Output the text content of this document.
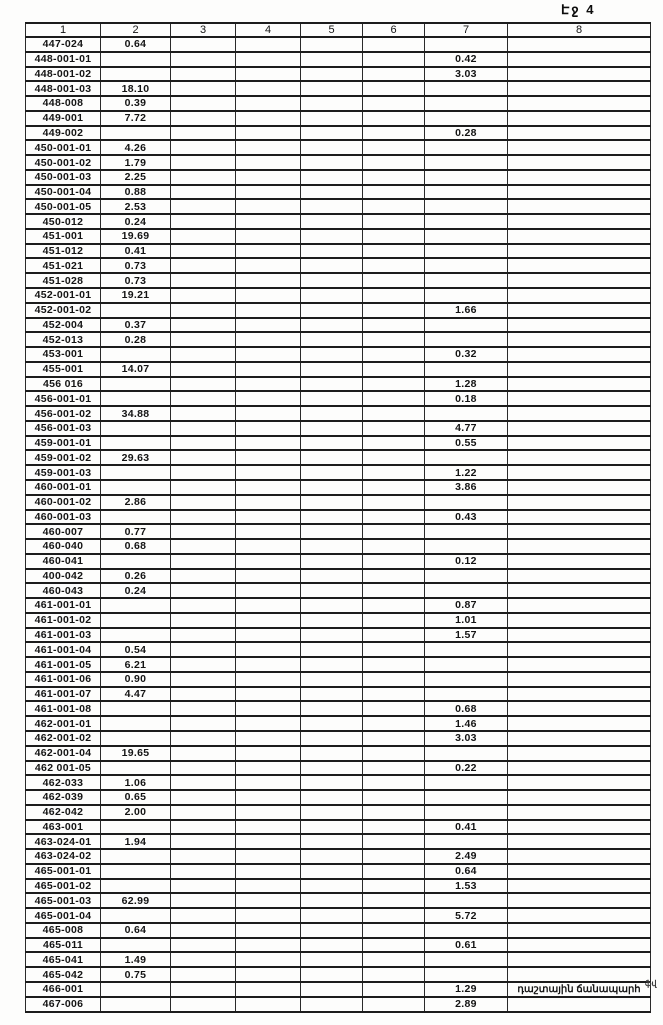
Էջ 4
1	2	3	4	5	6	7	8
447-024	0.64						
448-001-01						0.42	
448-001-02						3.03	
448-001-03	18.10						
448-008	0.39						
449-001	7.72						
449-002						0.28	
450-001-01	4.26						
450-001-02	1.79						
450-001-03	2.25						
450-001-04	0.88						
450-001-05	2.53						
450-012	0.24						
451-001	19.69						
451-012	0.41						
451-021	0.73						
451-028	0.73						
452-001-01	19.21						
452-001-02						1.66	
452-004	0.37						
452-013	0.28						
453-001						0.32	
455-001	14.07						
456 016						1.28	
456-001-01						0.18	
456-001-02	34.88						
456-001-03						4.77	
459-001-01						0.55	
459-001-02	29.63						
459-001-03						1.22	
460-001-01						3.86	
460-001-02	2.86						
460-001-03						0.43	
460-007	0.77						
460-040	0.68						
460-041						0.12	
400-042	0.26						
460-043	0.24						
461-001-01						0.87	
461-001-02						1.01	
461-001-03						1.57	
461-001-04	0.54						
461-001-05	6.21						
461-001-06	0.90						
461-001-07	4.47						
461-001-08						0.68	
462-001-01						1.46	
462-001-02						3.03	
462-001-04	19.65						
462 001-05						0.22	
462-033	1.06						
462-039	0.65						
462-042	2.00						
463-001						0.41	
463-024-01	1.94						
463-024-02						2.49	
465-001-01						0.64	
465-001-02						1.53	
465-001-03	62.99						
465-001-04						5.72	
465-008	0.64						
465-011						0.61	
465-041	1.49						
465-042	0.75						
466-001						1.29	դաշտային ճանապարհ
467-006						2.89	
ֆվ
